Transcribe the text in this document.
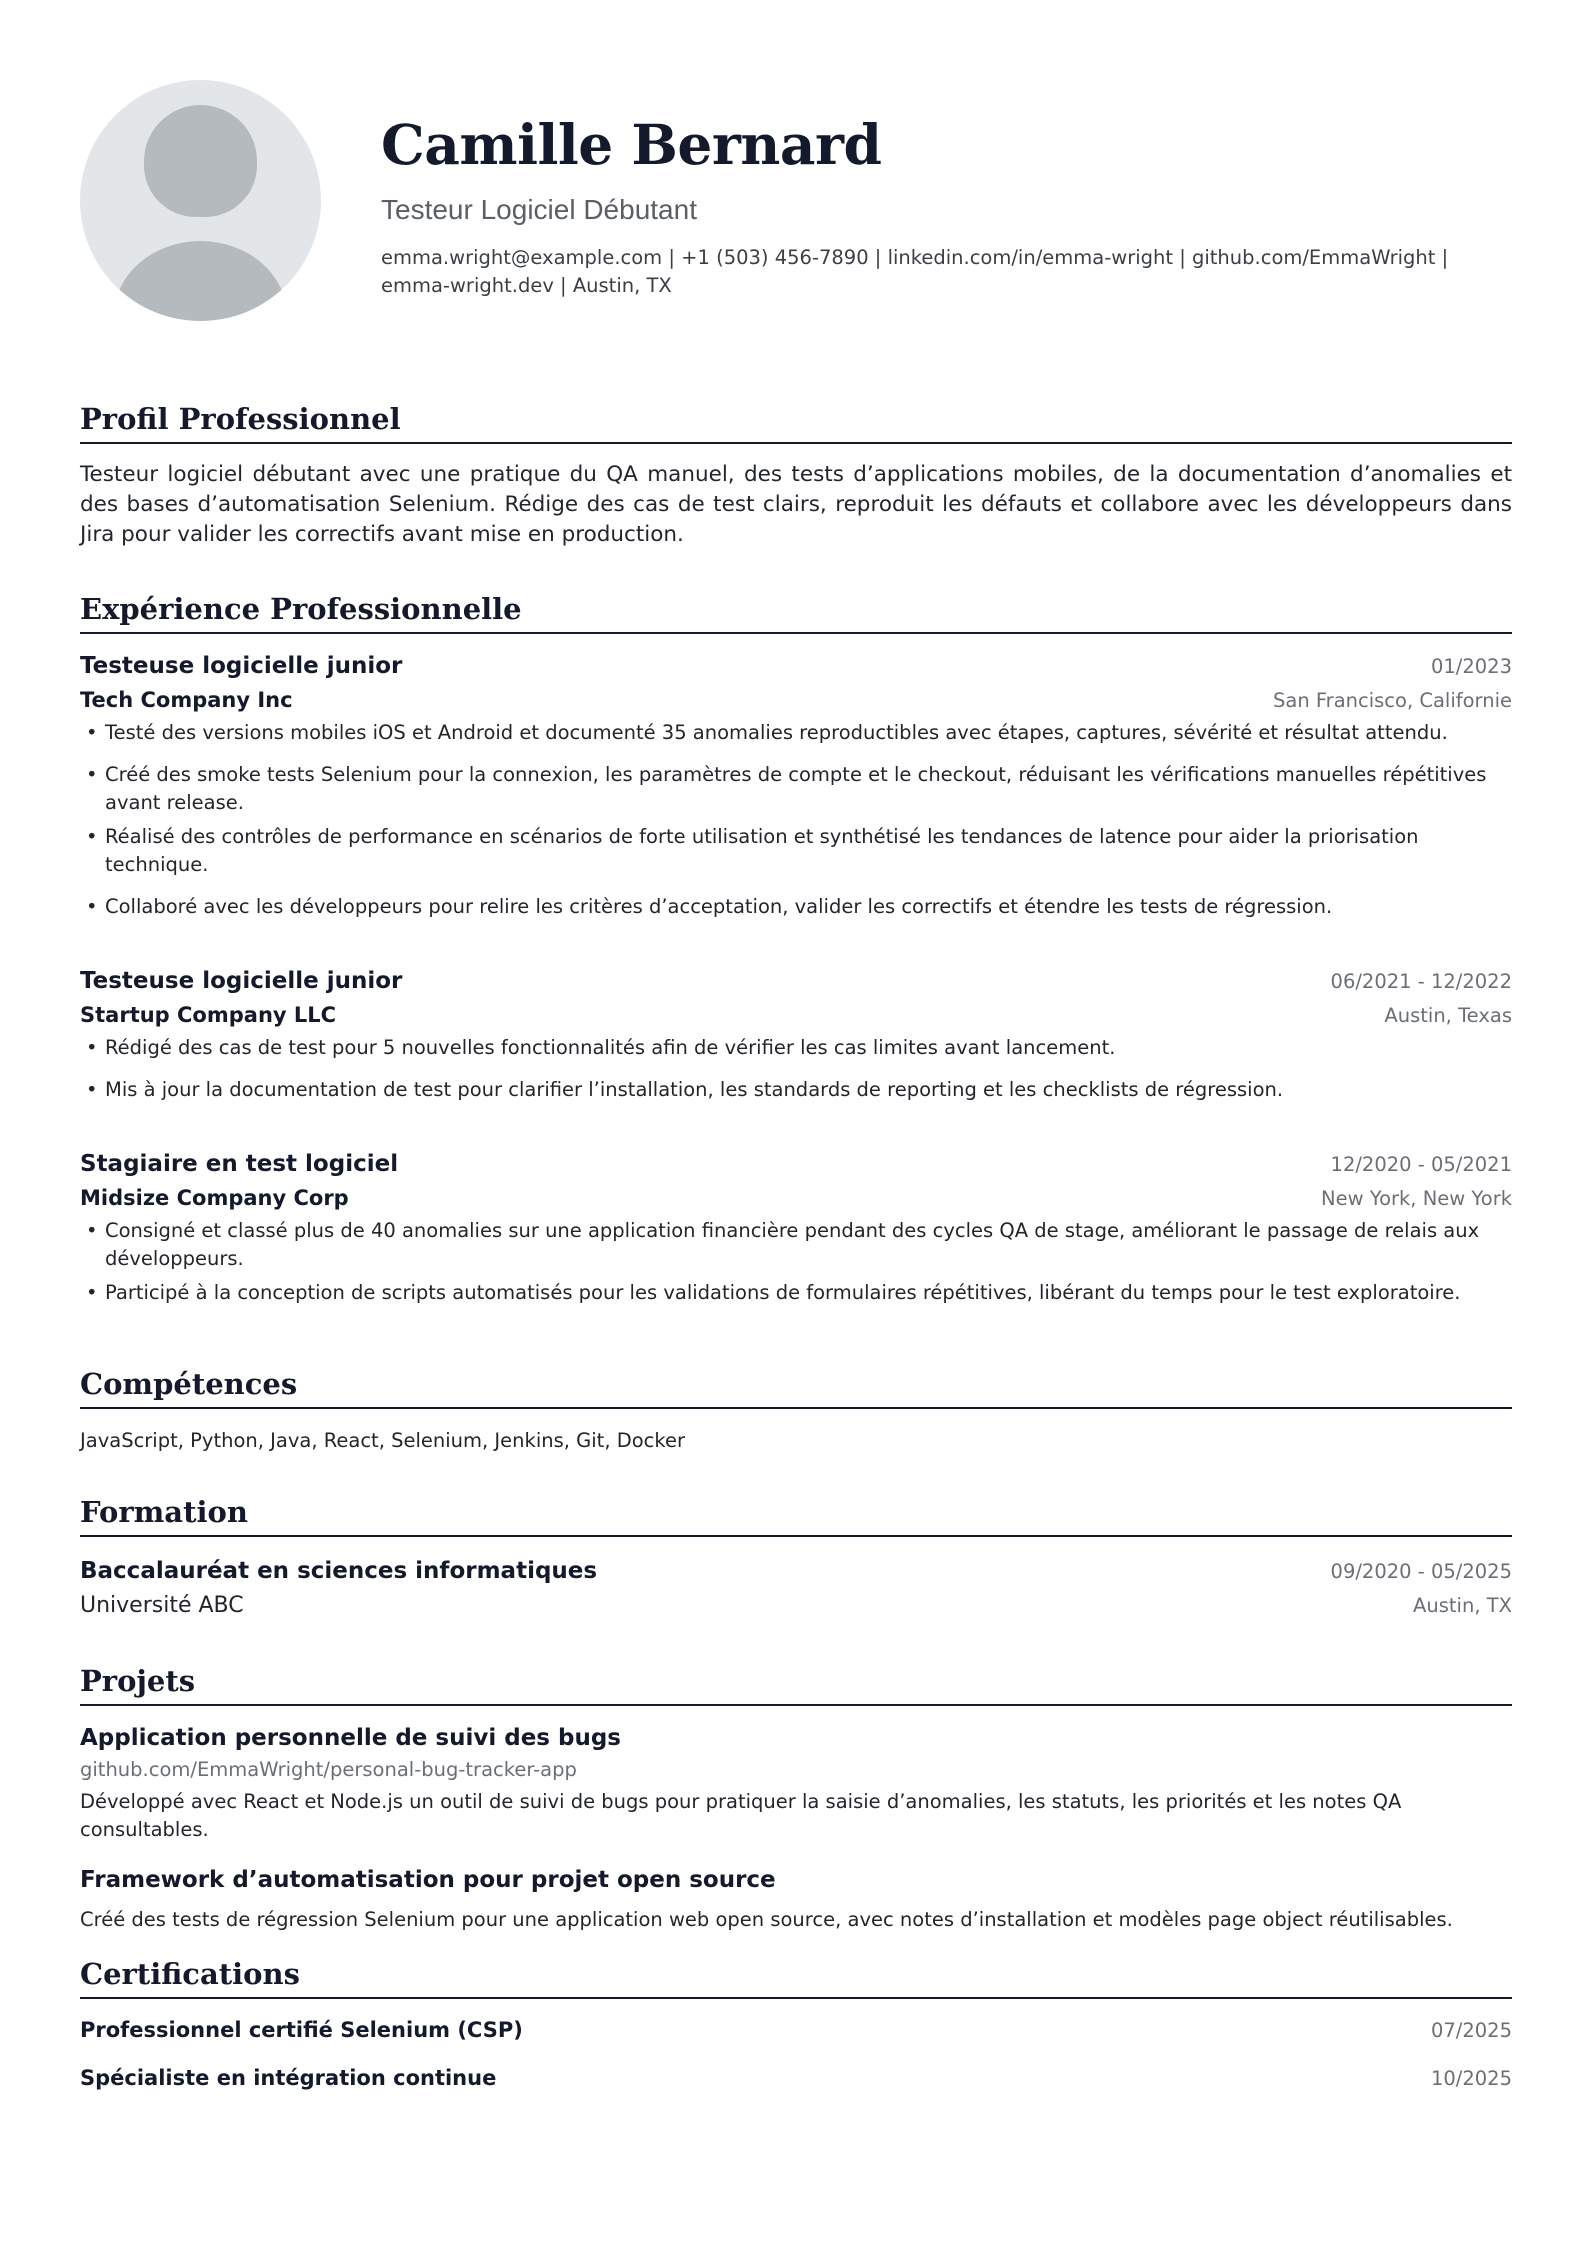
Camille Bernard
Testeur Logiciel Débutant
emma.wright@example.com | +1 (503) 456-7890 | linkedin.com/in/emma-wright | github.com/EmmaWright | emma-wright.dev | Austin, TX
Profil Professionnel
Testeur logiciel débutant avec une pratique du QA manuel, des tests d’applications mobiles, de la documentation d’anomalies et des bases d’automatisation Selenium. Rédige des cas de test clairs, reproduit les défauts et collabore avec les développeurs dans Jira pour valider les correctifs avant mise en production.
Expérience Professionnelle
Testeuse logicielle junior	01/2023
Tech Company Inc	San Francisco, Californie
• Testé des versions mobiles iOS et Android et documenté 35 anomalies reproductibles avec étapes, captures, sévérité et résultat attendu.
• Créé des smoke tests Selenium pour la connexion, les paramètres de compte et le checkout, réduisant les vérifications manuelles répétitives avant release.
• Réalisé des contrôles de performance en scénarios de forte utilisation et synthétisé les tendances de latence pour aider la priorisation technique.
• Collaboré avec les développeurs pour relire les critères d’acceptation, valider les correctifs et étendre les tests de régression.
Testeuse logicielle junior	06/2021 - 12/2022
Startup Company LLC	Austin, Texas
• Rédigé des cas de test pour 5 nouvelles fonctionnalités afin de vérifier les cas limites avant lancement.
• Mis à jour la documentation de test pour clarifier l’installation, les standards de reporting et les checklists de régression.
Stagiaire en test logiciel	12/2020 - 05/2021
Midsize Company Corp	New York, New York
• Consigné et classé plus de 40 anomalies sur une application financière pendant des cycles QA de stage, améliorant le passage de relais aux développeurs.
• Participé à la conception de scripts automatisés pour les validations de formulaires répétitives, libérant du temps pour le test exploratoire.
Compétences
JavaScript, Python, Java, React, Selenium, Jenkins, Git, Docker
Formation
Baccalauréat en sciences informatiques	09/2020 - 05/2025
Université ABC	Austin, TX
Projets
Application personnelle de suivi des bugs
github.com/EmmaWright/personal-bug-tracker-app
Développé avec React et Node.js un outil de suivi de bugs pour pratiquer la saisie d’anomalies, les statuts, les priorités et les notes QA consultables.
Framework d’automatisation pour projet open source
Créé des tests de régression Selenium pour une application web open source, avec notes d’installation et modèles page object réutilisables.
Certifications
Professionnel certifié Selenium (CSP)	07/2025
Spécialiste en intégration continue	10/2025
